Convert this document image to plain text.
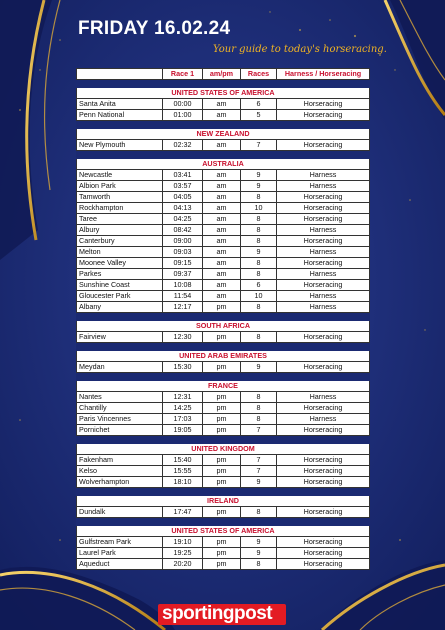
FRIDAY 16.02.24
Your guide to today's horseracing.
	Race 1	am/pm	Races	Harness / Horseracing

UNITED STATES OF AMERICA				
Santa Anita	00:00	am	6	Horseracing
Penn National	01:00	am	5	Horseracing

NEW ZEALAND				
New Plymouth	02:32	am	7	Horseracing

AUSTRALIA				
Newcastle	03:41	am	9	Harness
Albion Park	03:57	am	9	Harness
Tamworth	04:05	am	8	Horseracing
Rockhampton	04:13	am	10	Horseracing
Taree	04:25	am	8	Horseracing
Albury	08:42	am	8	Harness
Canterbury	09:00	am	8	Horseracing
Melton	09:03	am	9	Harness
Moonee Valley	09:15	am	8	Horseracing
Parkes	09:37	am	8	Harness
Sunshine Coast	10:08	am	6	Horseracing
Gloucester Park	11:54	am	10	Harness
Albany	12:17	pm	8	Harness

SOUTH AFRICA				
Fairview	12:30	pm	8	Horseracing

UNITED ARAB EMIRATES				
Meydan	15:30	pm	9	Horseracing

FRANCE				
Nantes	12:31	pm	8	Harness
Chantilly	14:25	pm	8	Horseracing
Paris Vincennes	17:03	pm	8	Harness
Pornichet	19:05	pm	7	Horseracing

UNITED KINGDOM				
Fakenham	15:40	pm	7	Horseracing
Kelso	15:55	pm	7	Horseracing
Wolverhampton	18:10	pm	9	Horseracing

IRELAND				
Dundalk	17:47	pm	8	Horseracing

UNITED STATES OF AMERICA				
Gulfstream Park	19:10	pm	9	Horseracing
Laurel Park	19:25	pm	9	Horseracing
Aqueduct	20:20	pm	8	Horseracing
sportingpost
